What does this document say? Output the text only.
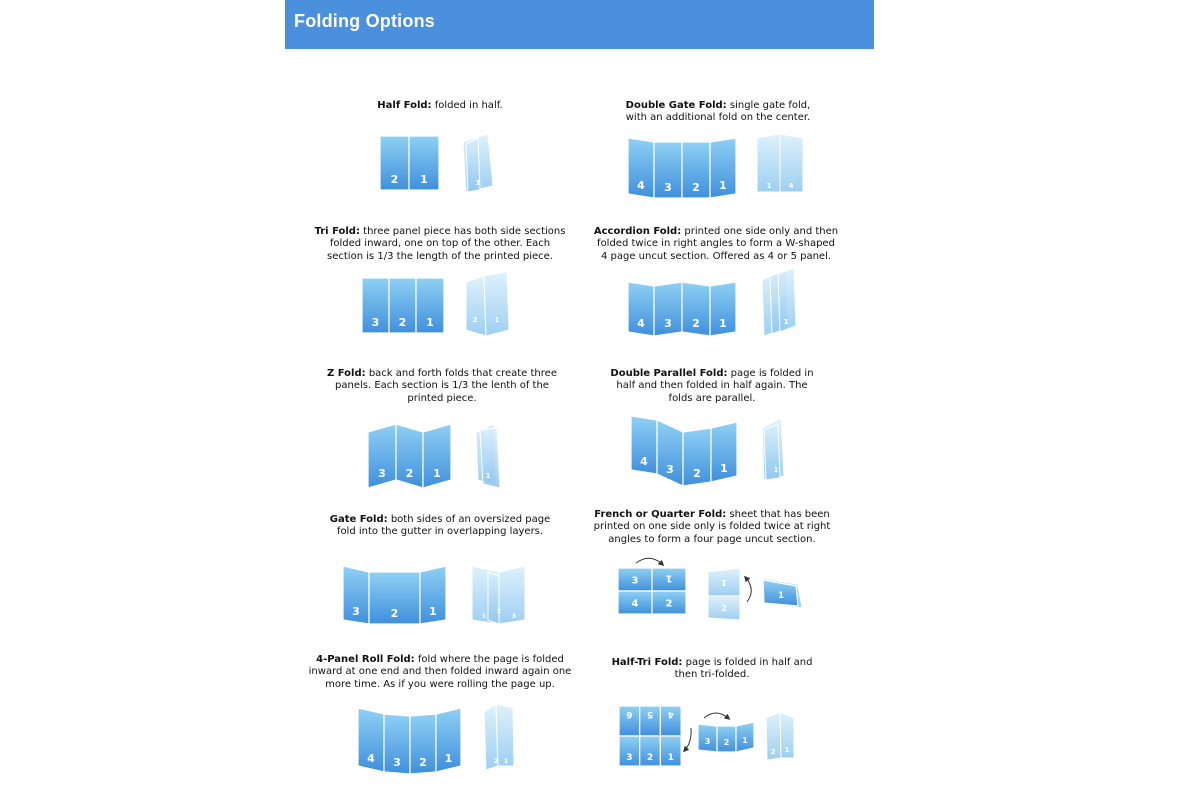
Folding Options
Half Fold: folded in half.	Double Gate Fold: single gate fold,
with an additional fold on the center.
Tri Fold: three panel piece has both side sections
folded inward, one on top of the other. Each
section is 1/3 the length of the printed piece.
Accordion Fold: printed one side only and then
folded twice in right angles to form a W-shaped
4 page uncut section. Offered as 4 or 5 panel.
Z Fold: back and forth folds that create three
panels. Each section is 1/3 the lenth of the
printed piece.
Double Parallel Fold: page is folded in
half and then folded in half again. The
folds are parallel.
Gate Fold: both sides of an oversized page
fold into the gutter in overlapping layers.
French or Quarter Fold: sheet that has been
printed on one side only is folded twice at right
angles to form a four page uncut section.
4-Panel Roll Fold: fold where the page is folded
inward at one end and then folded inward again one
more time. As if you were rolling the page up.
Half-Tri Fold: page is folded in half and
then tri-folded.
2 1	1	4 3 2 1	1 4
3 2 1	2 1	4 3 2 1	1
3 2 1	1
4
3 2 1	1
3	2	1	1
2
3
3	1
4	2
1
2
1
4 3 2 1	2 1
6 5 4
3 2 1
3 2 1
2 1
